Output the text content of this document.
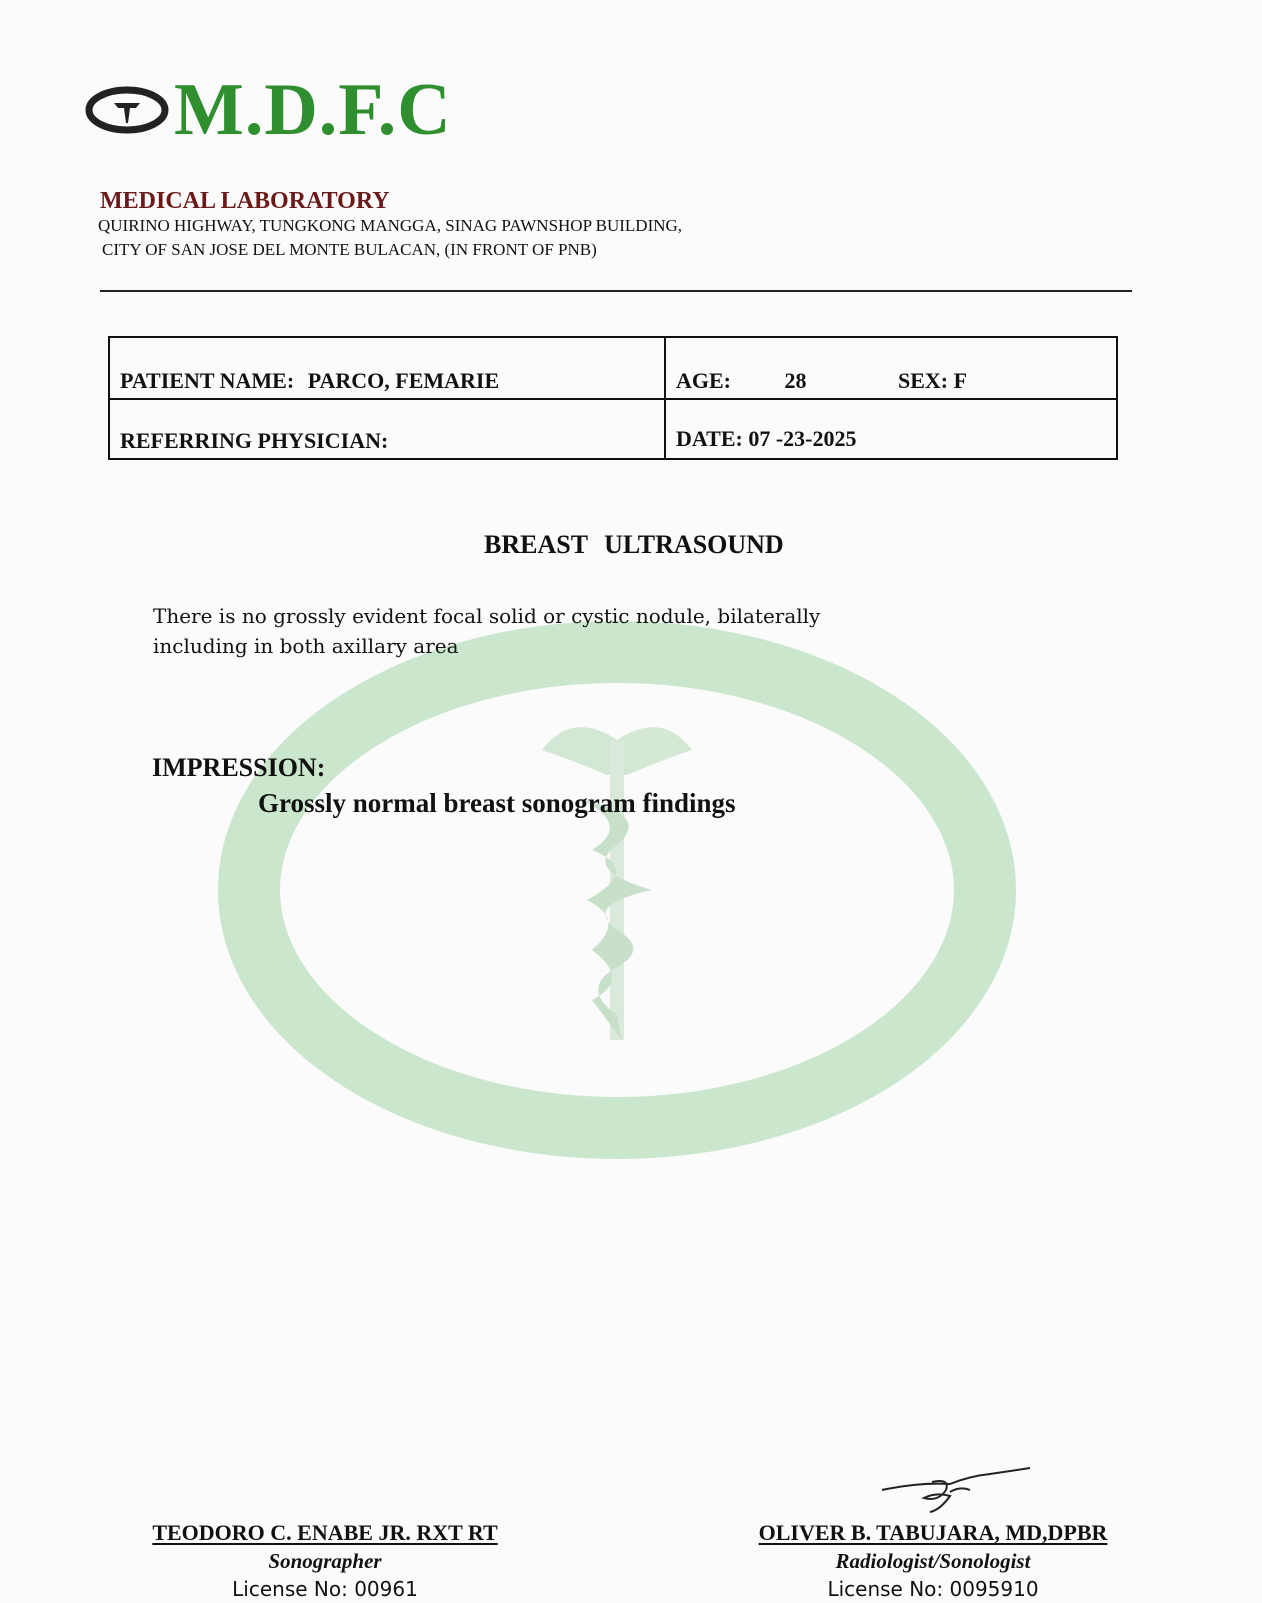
M.D.F.C
MEDICAL LABORATORY
QUIRINO HIGHWAY, TUNGKONG MANGGA, SINAG PAWNSHOP BUILDING,
CITY OF SAN JOSE DEL MONTE BULACAN, (IN FRONT OF PNB)
PATIENT NAME: PARCO, FEMARIE	AGE: 28	SEX: F
REFERRING PHYSICIAN:	DATE: 07 -23-2025
BREAST ULTRASOUND
There is no grossly evident focal solid or cystic nodule, bilaterally
including in both axillary area
IMPRESSION:
Grossly normal breast sonogram findings
TEODORO C. ENABE JR. RXT RT
Sonographer
License No: 00961
OLIVER B. TABUJARA, MD,DPBR
Radiologist/Sonologist
License No: 0095910
